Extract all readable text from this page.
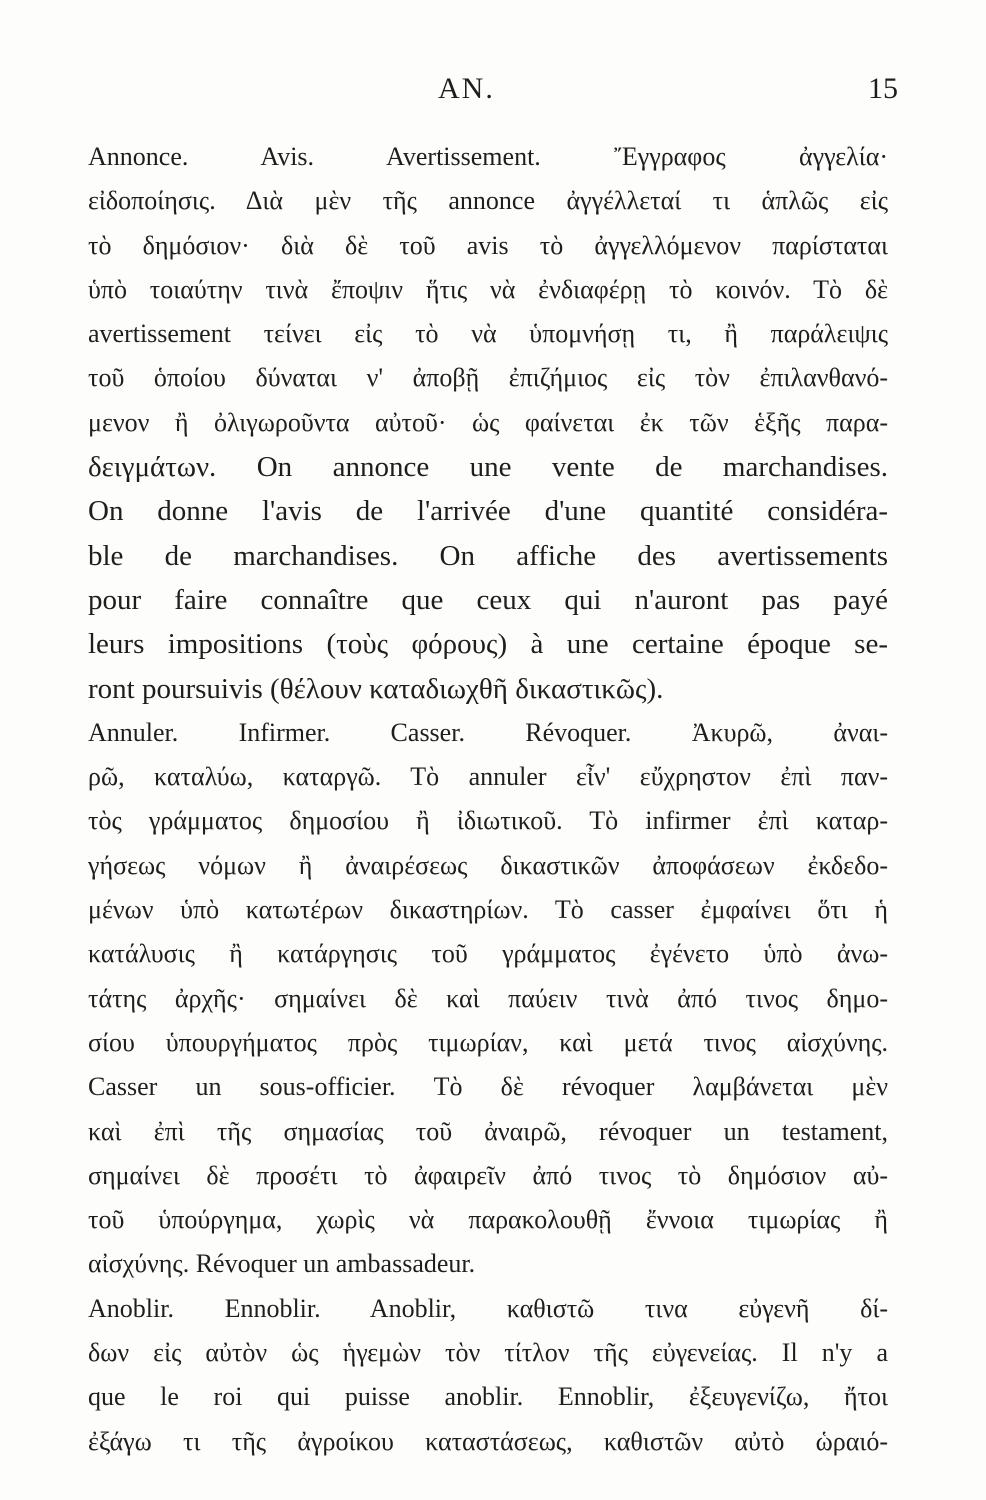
AN.	15
Annonce. Avis. Avertissement. Ἔγγραφος ἀγγελία·
εἰδοποίησις. Διὰ μὲν τῆς annonce ἀγγέλλεταί τι ἁπλῶς εἰς
τὸ δημόσιον· διὰ δὲ τοῦ avis τὸ ἀγγελλόμενον παρίσταται
ὑπὸ τοιαύτην τινὰ ἔποψιν ἥτις νὰ ἐνδιαφέρῃ τὸ κοινόν. Τὸ δὲ
avertissement τείνει εἰς τὸ νὰ ὑπομνήσῃ τι, ἢ παράλειψις
τοῦ ὁποίου δύναται ν' ἀποβῇ ἐπιζήμιος εἰς τὸν ἐπιλανθανό-
μενον ἢ ὀλιγωροῦντα αὐτοῦ· ὡς φαίνεται ἐκ τῶν ἑξῆς παρα-
δειγμάτων. On annonce une vente de marchandises.
On donne l'avis de l'arrivée d'une quantité considéra-
ble de marchandises. On affiche des avertissements
pour faire connaître que ceux qui n'auront pas payé
leurs impositions (τοὺς φόρους) à une certaine époque se-
ront poursuivis (θέλουν καταδιωχθῆ δικαστικῶς).
Annuler. Infirmer. Casser. Révoquer. Ἀκυρῶ, ἀναι-
ρῶ, καταλύω, καταργῶ. Τὸ annuler εἶν' εὔχρηστον ἐπὶ παν-
τὸς γράμματος δημοσίου ἢ ἰδιωτικοῦ. Τὸ infirmer ἐπὶ καταρ-
γήσεως νόμων ἢ ἀναιρέσεως δικαστικῶν ἀποφάσεων ἐκδεδο-
μένων ὑπὸ κατωτέρων δικαστηρίων. Τὸ casser ἐμφαίνει ὅτι ἡ
κατάλυσις ἢ κατάργησις τοῦ γράμματος ἐγένετο ὑπὸ ἀνω-
τάτης ἀρχῆς· σημαίνει δὲ καὶ παύειν τινὰ ἀπό τινος δημο-
σίου ὑπουργήματος πρὸς τιμωρίαν, καὶ μετά τινος αἰσχύνης.
Casser un sous-officier. Τὸ δὲ révoquer λαμβάνεται μὲν
καὶ ἐπὶ τῆς σημασίας τοῦ ἀναιρῶ, révoquer un testament,
σημαίνει δὲ προσέτι τὸ ἀφαιρεῖν ἀπό τινος τὸ δημόσιον αὐ-
τοῦ ὑπούργημα, χωρὶς νὰ παρακολουθῇ ἔννοια τιμωρίας ἢ
αἰσχύνης. Révoquer un ambassadeur.
Anoblir. Ennoblir. Anoblir, καθιστῶ τινα εὐγενῆ δί-
δων εἰς αὐτὸν ὡς ἡγεμὼν τὸν τίτλον τῆς εὐγενείας. Il n'y a
que le roi qui puisse anoblir. Ennoblir, ἐξευγενίζω, ἤτοι
ἐξάγω τι τῆς ἀγροίκου καταστάσεως, καθιστῶν αὐτὸ ὡραιό-
